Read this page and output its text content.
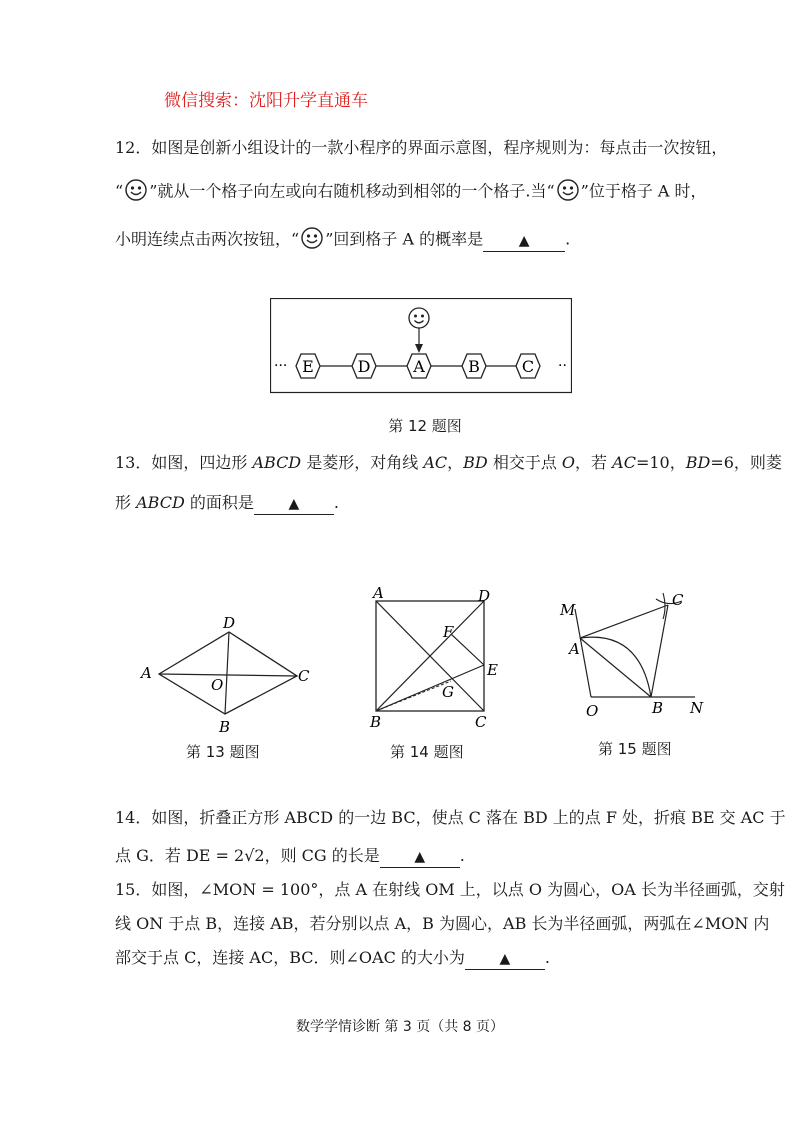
微信搜索：沈阳升学直通车
12．如图是创新小组设计的一款小程序的界面示意图，程序规则为：每点击一次按钮，
“ ”就从一个格子向左或向右随机移动到相邻的一个格子.当“ ”位于格子 A 时，
小明连续点击两次按钮，“ ”回到格子 A 的概率是	▲ .
···	··
E	D	A	B	C
第 12 题图
13．如图，四边形 ABCD 是菱形，对角线 AC，BD 相交于点 O，若 AC=10，BD=6，则菱
形 ABCD 的面积是 ▲ .
D
A
O	C
B
第 13 题图
A	D
F
E
G
B	C
第 14 题图
M
C
A
O	B N
第 15 题图
14．如图，折叠正方形 ABCD 的一边 BC，使点 C 落在 BD 上的点 F 处，折痕 BE 交 AC 于
点 G．若 DE = 2√2，则 CG 的长是 ▲ .
15．如图，∠MON = 100°，点 A 在射线 OM 上，以点 O 为圆心，OA 长为半径画弧，交射
线 ON 于点 B，连接 AB，若分别以点 A，B 为圆心，AB 长为半径画弧，两弧在∠MON 内
部交于点 C，连接 AC，BC．则∠OAC 的大小为 ▲ .
数学学情诊断 第 3 页（共 8 页）
